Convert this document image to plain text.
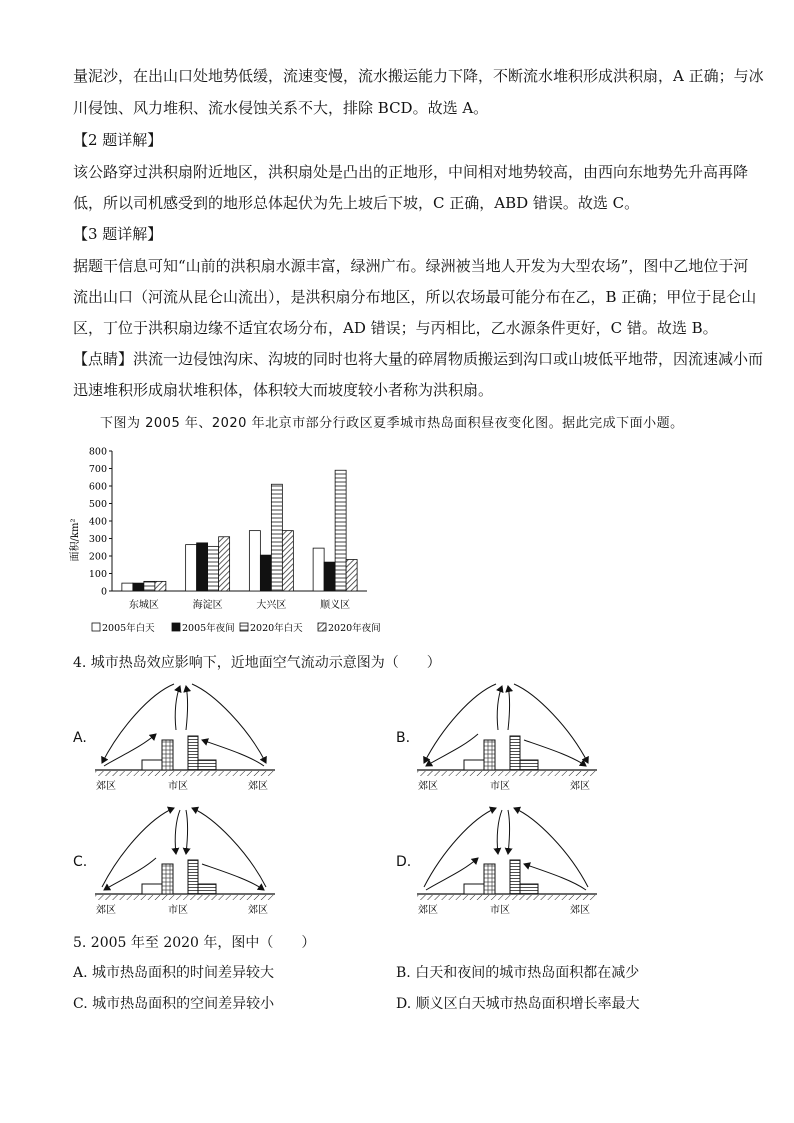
量泥沙，在出山口处地势低缓，流速变慢，流水搬运能力下降，不断流水堆积形成洪积扇，A 正确；与冰
川侵蚀、风力堆积、流水侵蚀关系不大，排除 BCD。故选 A。
【2 题详解】
该公路穿过洪积扇附近地区，洪积扇处是凸出的正地形，中间相对地势较高，由西向东地势先升高再降
低，所以司机感受到的地形总体起伏为先上坡后下坡，C 正确，ABD 错误。故选 C。
【3 题详解】
据题干信息可知“山前的洪积扇水源丰富，绿洲广布。绿洲被当地人开发为大型农场”，图中乙地位于河
流出山口（河流从昆仑山流出），是洪积扇分布地区，所以农场最可能分布在乙，B 正确；甲位于昆仑山
区，丁位于洪积扇边缘不适宜农场分布，AD 错误；与丙相比，乙水源条件更好，C 错。故选 B。
【点睛】洪流一边侵蚀沟床、沟坡的同时也将大量的碎屑物质搬运到沟口或山坡低平地带，因流速减小而
迅速堆积形成扇状堆积体，体积较大而坡度较小者称为洪积扇。
下图为 2005 年、2020 年北京市部分行政区夏季城市热岛面积昼夜变化图。据此完成下面小题。
面积/km²
0
100
200
300
400
500
600
700
800
东城区	海淀区	大兴区	顺义区
2005年白天	2005年夜间 2020年白天	2020年夜间
4. 城市热岛效应影响下，近地面空气流动示意图为（　　）
A.	B.
C.	D.
郊区	市区	郊区	郊区	市区	郊区
郊区	市区	郊区	郊区	市区	郊区
5. 2005 年至 2020 年，图中（　　）
A. 城市热岛面积的时间差异较大	B. 白天和夜间的城市热岛面积都在减少
C. 城市热岛面积的空间差异较小	D. 顺义区白天城市热岛面积增长率最大
